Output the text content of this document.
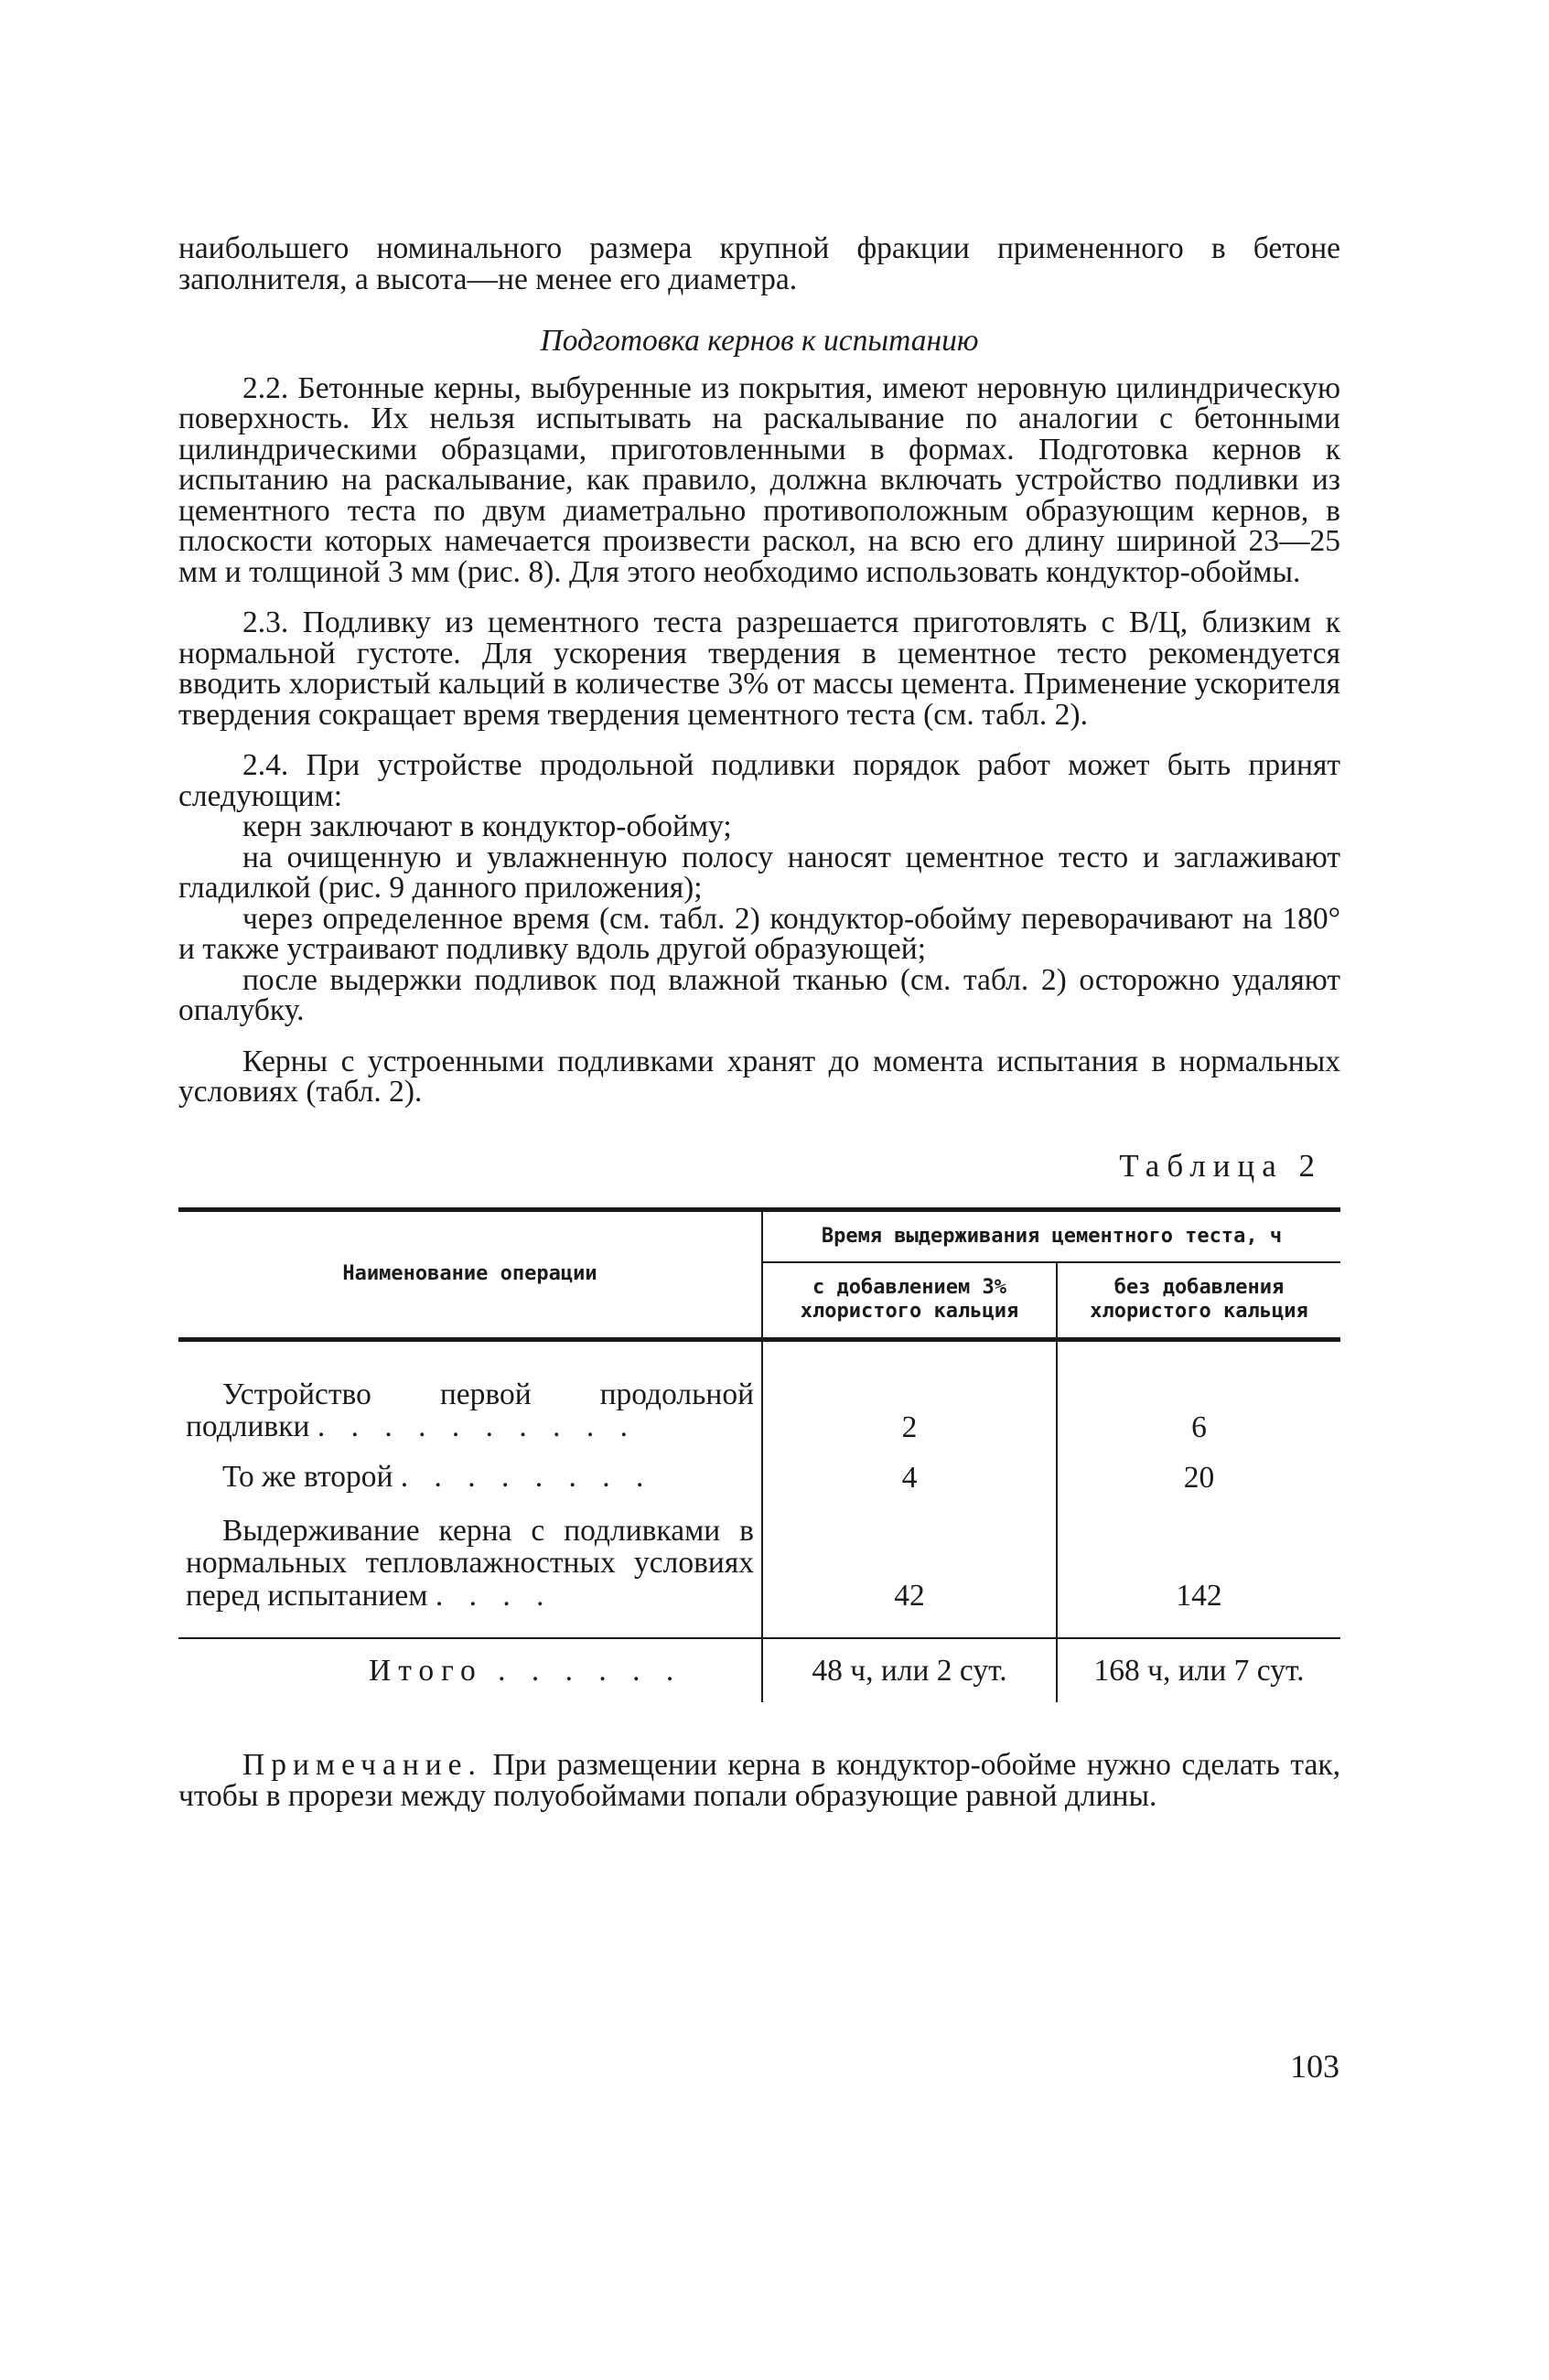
наибольшего номинального размера крупной фракции примененного в бетоне заполнителя, а высота—не менее его диаметра.

Подготовка кернов к испытанию

2.2. Бетонные керны, выбуренные из покрытия, имеют неровную цилиндрическую поверхность. Их нельзя испытывать на раскалывание по аналогии с бетонными цилиндрическими образцами, приготовленными в формах. Подготовка кернов к испытанию на раскалывание, как правило, должна включать устройство подливки из цементного теста по двум диаметрально противоположным образующим кернов, в плоскости которых намечается произвести раскол, на всю его длину шириной 23—25 мм и толщиной 3 мм (рис. 8). Для этого необходимо использовать кондуктор-обоймы.

2.3. Подливку из цементного теста разрешается приготовлять с В/Ц, близким к нормальной густоте. Для ускорения твердения в цементное тесто рекомендуется вводить хлористый кальций в количестве 3% от массы цемента. Применение ускорителя твердения сокращает время твердения цементного теста (см. табл. 2).

2.4. При устройстве продольной подливки порядок работ может быть принят следующим:

керн заключают в кондуктор-обойму;

на очищенную и увлажненную полосу наносят цементное тесто и заглаживают гладилкой (рис. 9 данного приложения);

через определенное время (см. табл. 2) кондуктор-обойму переворачивают на 180° и также устраивают подливку вдоль другой образующей;

после выдержки подливок под влажной тканью (см. табл. 2) осторожно удаляют опалубку.

Керны с устроенными подливками хранят до момента испытания в нормальных условиях (табл. 2).

Таблица 2
Наименование операции	Время выдерживания цементного теста, ч	
	с добавлением 3% хлористого кальция	без добавления хлористого кальция
Устройство первой продольной подливки . . . . . . . . . .	2	6
То же второй . . . . . . . .	4	20
Выдерживание керна с подливками в нормальных тепловлажностных условиях перед испытанием . . . .	42	142
Итого . . . . . .	48 ч, или 2 сут.	168 ч, или 7 сут.

Примечание. При размещении керна в кондуктор-обойме нужно сделать так, чтобы в прорези между полуобоймами попали образующие равной длины.

103
